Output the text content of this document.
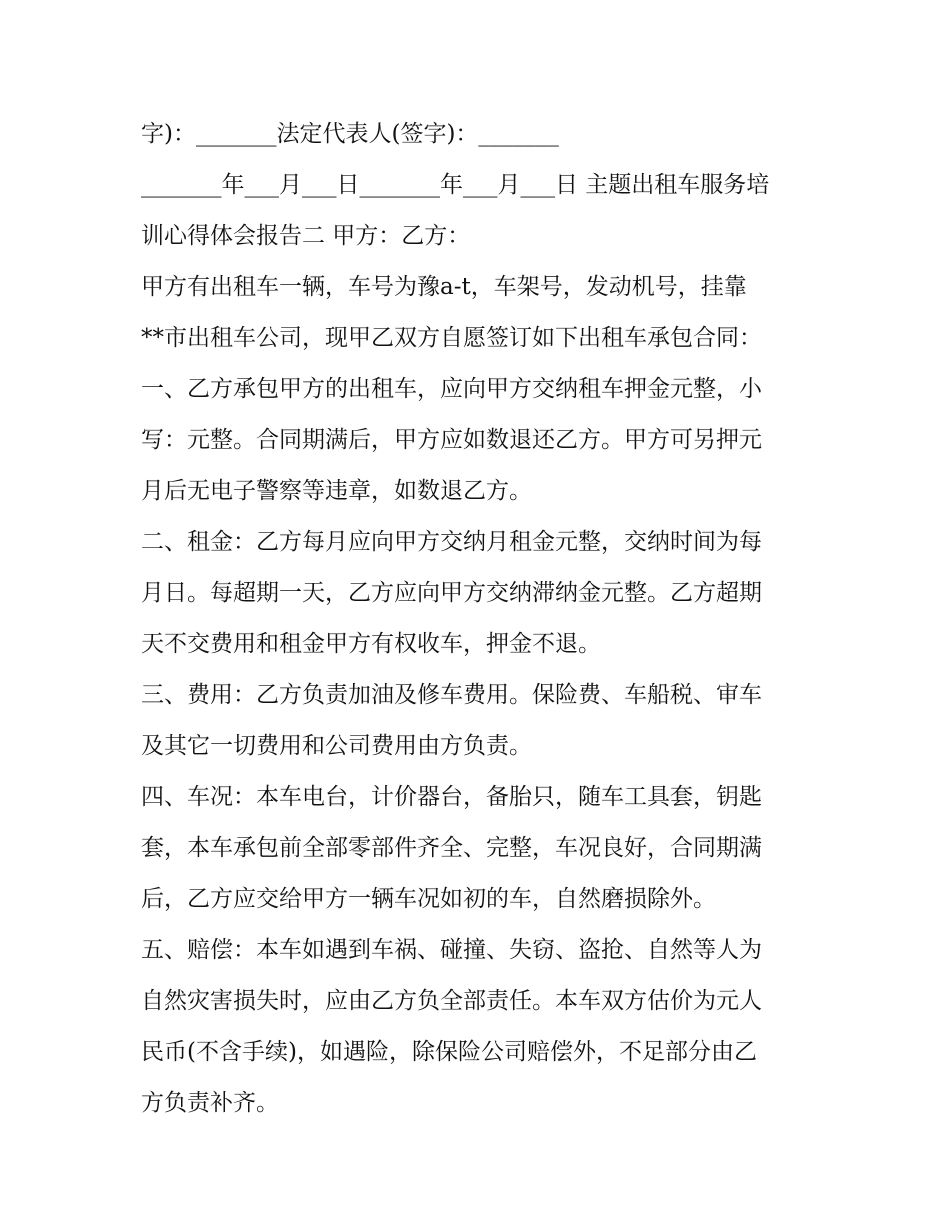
字)：_______法定代表人(签字)：_______
_______年___月___日_______年___月___日 主题出租车服务培
训心得体会报告二 甲方：乙方：
甲方有出租车一辆，车号为豫a-t，车架号，发动机号，挂靠
**市出租车公司，现甲乙双方自愿签订如下出租车承包合同：
一、乙方承包甲方的出租车，应向甲方交纳租车押金元整，小
写：元整。合同期满后，甲方应如数退还乙方。甲方可另押元
月后无电子警察等违章，如数退乙方。
二、租金：乙方每月应向甲方交纳月租金元整，交纳时间为每
月日。每超期一天，乙方应向甲方交纳滞纳金元整。乙方超期
天不交费用和租金甲方有权收车，押金不退。
三、费用：乙方负责加油及修车费用。保险费、车船税、审车
及其它一切费用和公司费用由方负责。
四、车况：本车电台，计价器台，备胎只，随车工具套，钥匙
套，本车承包前全部零部件齐全、完整，车况良好，合同期满
后，乙方应交给甲方一辆车况如初的车，自然磨损除外。
五、赔偿：本车如遇到车祸、碰撞、失窃、盗抢、自然等人为
自然灾害损失时，应由乙方负全部责任。本车双方估价为元人
民币(不含手续)，如遇险，除保险公司赔偿外，不足部分由乙
方负责补齐。
